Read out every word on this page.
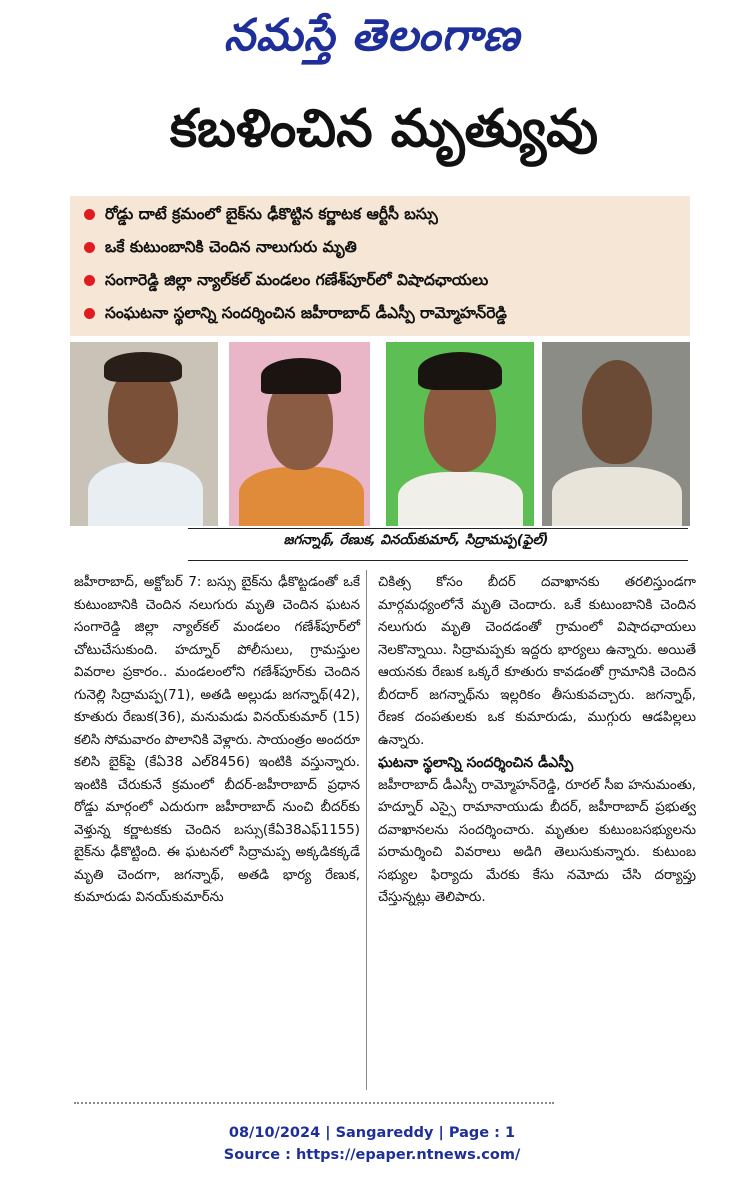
నమస్తే తెలంగాణ
కబళించిన మృత్యువు
రోడ్డు దాటే క్రమంలో బైక్‌ను ఢీకొట్టిన కర్ణాటక ఆర్టీసీ బస్సు
ఒకే కుటుంబానికి చెందిన నాలుగురు మృతి
సంగారెడ్డి జిల్లా న్యాల్‌కల్ మండలం గణేశ్‌పూర్‌లో విషాదఛాయలు
సంఘటనా స్థలాన్ని సందర్శించిన జహీరాబాద్ డీఎస్పీ రామ్మోహన్‌రెడ్డి
జగన్నాథ్, రేణుక, వినయ్‌కుమార్, సిద్రామప్ప(ఫైల్)
జహీరాబాద్, అక్టోబర్ 7: బస్సు బైక్‌ను ఢీకొట్టడంతో ఒకే కుటుంబానికి చెందిన నలుగురు మృతి చెందిన ఘటన సంగారెడ్డి జిల్లా న్యాల్‌కల్ మండలం గణేశ్‌పూర్‌లో చోటుచేసుకుంది. హద్నూర్ పోలీసులు, గ్రామస్తుల వివరాల ప్రకారం.. మండలంలోని గణేశ్‌పూర్‌కు చెందిన గునెల్లి సిద్రామప్ప(71), అతడి అల్లుడు జగన్నాథ్(42), కూతురు రేణుక(36), మనుమడు వినయ్‌కుమార్ (15) కలిసి సోమవారం పొలానికి వెళ్లారు. సాయంత్రం అందరూ కలిసి బైక్‌పై (కేఏ38 ఎల్8456) ఇంటికి వస్తున్నారు. ఇంటికి చేరుకునే క్రమంలో బీదర్-జహీరాబాద్ ప్రధాన రోడ్డు మార్గంలో ఎదురుగా జహీరాబాద్ నుంచి బీదర్‌కు వెళ్తున్న కర్ణాటకకు చెందిన బస్సు(కేఏ38ఎఫ్1155) బైక్‌ను ఢీకొట్టింది. ఈ ఘటనలో సిద్రామప్ప అక్కడికక్కడే మృతి చెందగా, జగన్నాథ్, అతడి భార్య రేణుక, కుమారుడు వినయ్‌కుమార్‌ను
చికిత్స కోసం బీదర్ దవాఖానకు తరలిస్తుండగా మార్గమధ్యంలోనే మృతి చెందారు. ఒకే కుటుంబానికి చెందిన నలుగురు మృతి చెందడంతో గ్రామంలో విషాదఛాయలు నెలకొన్నాయి. సిద్రామప్పకు ఇద్దరు భార్యలు ఉన్నారు. అయితే ఆయనకు రేణుక ఒక్కరే కూతురు కావడంతో గ్రామానికి చెందిన బీరదార్ జగన్నాథ్‌ను ఇల్లరికం తీసుకువచ్చారు. జగన్నాథ్, రేణక దంపతులకు ఒక కుమారుడు, ముగ్గురు ఆడపిల్లలు ఉన్నారు.
ఘటనా స్థలాన్ని సందర్శించిన డీఎస్పీ
జహీరాబాద్ డీఎస్పీ రామ్మోహన్‌రెడ్డి, రూరల్ సీఐ హనుమంతు, హద్నూర్ ఎస్సై రామానాయుడు బీదర్, జహీరాబాద్ ప్రభుత్వ దవాఖానలను సందర్శించారు. మృతుల కుటుంబసభ్యులను పరామర్శించి వివరాలు అడిగి తెలుసుకున్నారు. కుటుంబ సభ్యుల ఫిర్యాదు మేరకు కేసు నమోదు చేసి దర్యాప్తు చేస్తున్నట్లు తెలిపారు.
08/10/2024 | Sangareddy | Page : 1
Source : https://epaper.ntnews.com/
